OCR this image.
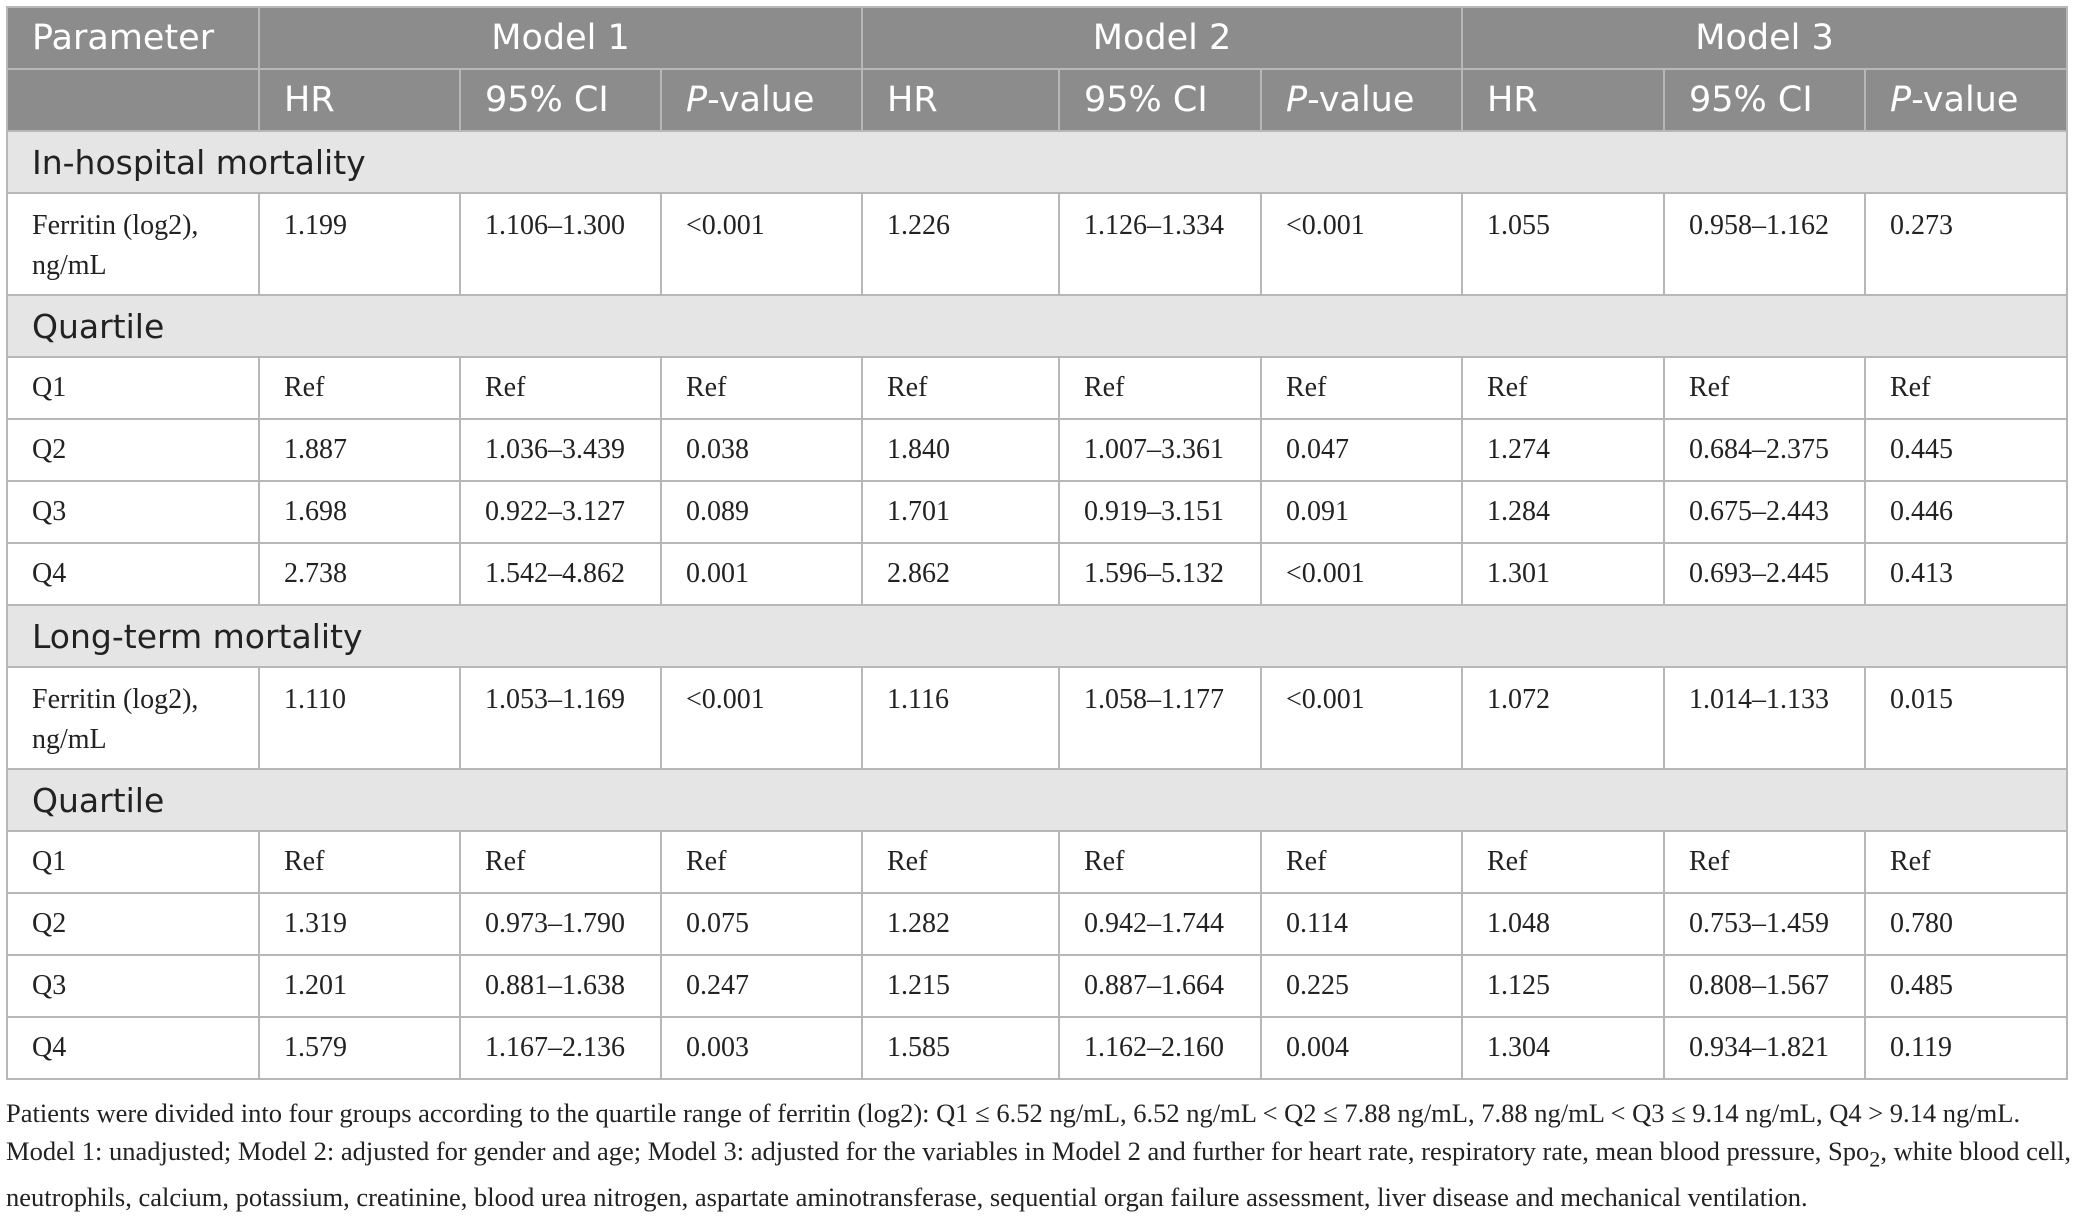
Parameter	Model 1			Model 2			Model 3		
	HR	95% CI	P-value	HR	95% CI	P-value	HR	95% CI	P-value
In-hospital mortality									
Ferritin (log2),
ng/mL	1.199	1.106–1.300	<0.001	1.226	1.126–1.334	<0.001	1.055	0.958–1.162	0.273
Quartile									
Q1	Ref	Ref	Ref	Ref	Ref	Ref	Ref	Ref	Ref
Q2	1.887	1.036–3.439	0.038	1.840	1.007–3.361	0.047	1.274	0.684–2.375	0.445
Q3	1.698	0.922–3.127	0.089	1.701	0.919–3.151	0.091	1.284	0.675–2.443	0.446
Q4	2.738	1.542–4.862	0.001	2.862	1.596–5.132	<0.001	1.301	0.693–2.445	0.413
Long-term mortality									
Ferritin (log2),
ng/mL	1.110	1.053–1.169	<0.001	1.116	1.058–1.177	<0.001	1.072	1.014–1.133	0.015
Quartile									
Q1	Ref	Ref	Ref	Ref	Ref	Ref	Ref	Ref	Ref
Q2	1.319	0.973–1.790	0.075	1.282	0.942–1.744	0.114	1.048	0.753–1.459	0.780
Q3	1.201	0.881–1.638	0.247	1.215	0.887–1.664	0.225	1.125	0.808–1.567	0.485
Q4	1.579	1.167–2.136	0.003	1.585	1.162–2.160	0.004	1.304	0.934–1.821	0.119

Patients were divided into four groups according to the quartile range of ferritin (log2): Q1 ≤ 6.52 ng/mL, 6.52 ng/mL < Q2 ≤ 7.88 ng/mL, 7.88 ng/mL < Q3 ≤ 9.14 ng/mL, Q4 > 9.14 ng/mL.

Model 1: unadjusted; Model 2: adjusted for gender and age; Model 3: adjusted for the variables in Model 2 and further for heart rate, respiratory rate, mean blood pressure, Spo$_2$, white blood cell, neutrophils, calcium, potassium, creatinine, blood urea nitrogen, aspartate aminotransferase, sequential organ failure assessment, liver disease and mechanical ventilation.
